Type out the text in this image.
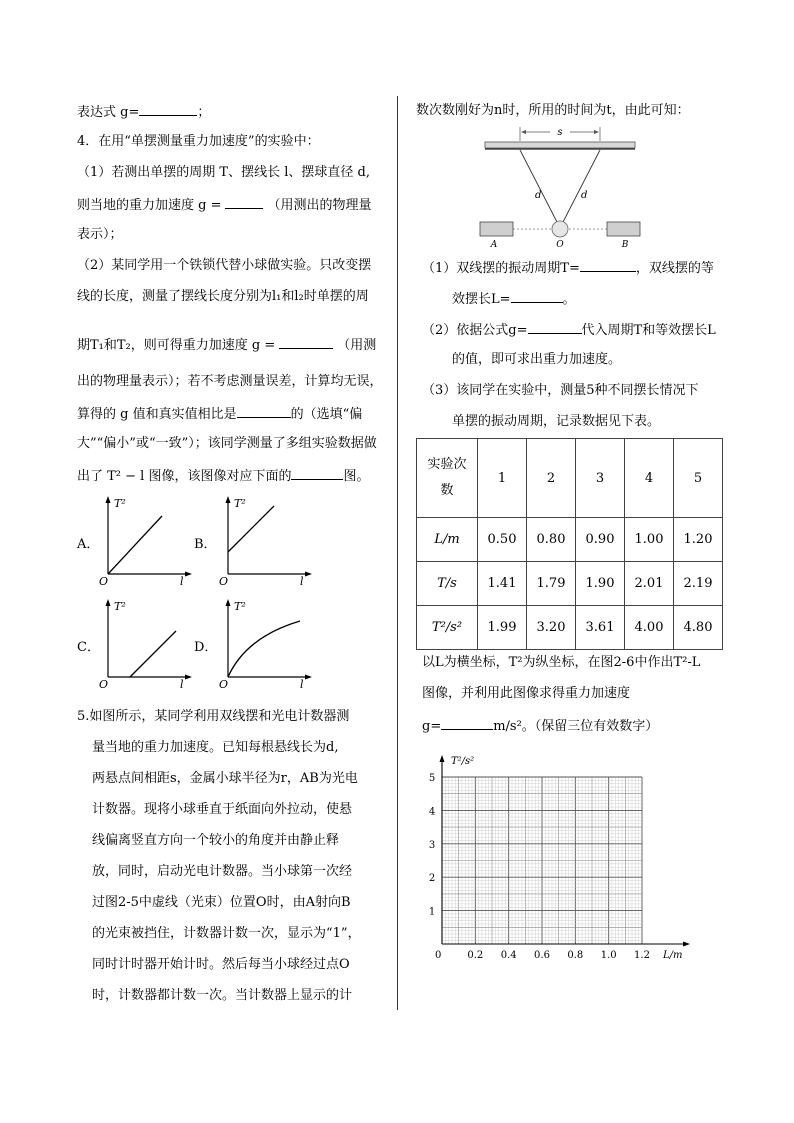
表达式 g=	；
4．在用“单摆测量重力加速度”的实验中：
（1）若测出单摆的周期 T、摆线长 l、摆球直径 d,
则当地的重力加速度 g =	（用测出的物理量
表示）；
（2）某同学用一个铁锁代替小球做实验。只改变摆
线的长度，测量了摆线长度分别为l₁和l₂时单摆的周
期T₁和T₂，则可得重力加速度 g =	（用测
出的物理量表示）；若不考虑测量误差，计算均无误，
算得的 g 值和真实值相比是	的（选填“偏
大”“偏小”或“一致”）；该同学测量了多组实验数据做
出了 T² − l 图像，该图像对应下面的	图。
A．	B．
C．	D．
T²
O	l
T²
O	l
T²
O	l
T²
O	l
5.如图所示，某同学利用双线摆和光电计数器测
量当地的重力加速度。已知每根悬线长为d,
两悬点间相距s，金属小球半径为r，AB为光电
计数器。现将小球垂直于纸面向外拉动，使悬
线偏离竖直方向一个较小的角度并由静止释
放，同时，启动光电计数器。当小球第一次经
过图2-5中虚线（光束）位置O时，由A射向B
的光束被挡住，计数器计数一次，显示为“1”，
同时计时器开始计时。然后每当小球经过点O
时，计数器都计数一次。当计数器上显示的计
数次数刚好为n时，所用的时间为t，由此可知：
s
d	d
A	O	B
（1）双线摆的振动周期T=	，双线摆的等
效摆长L=	。
（2）依据公式g=	代入周期T和等效摆长L
的值，即可求出重力加速度。
（3）该同学在实验中，测量5种不同摆长情况下
单摆的振动周期，记录数据见下表。
实验次
数	1	2	3	4	5
L/m	0.50	0.80	0.90	1.00	1.20
T/s	1.41	1.79	1.90	2.01	2.19
T²/s²	1.99	3.20	3.61	4.00	4.80
以L为横坐标，T²为纵坐标，在图2-6中作出T²-L
图像，并利用此图像求得重力加速度
g=	m/s²。（保留三位有效数字）
T²/s²
L/m
0	0.2 0.4 0.6 0.8 1.0 1.2
1
2
3
4
5
